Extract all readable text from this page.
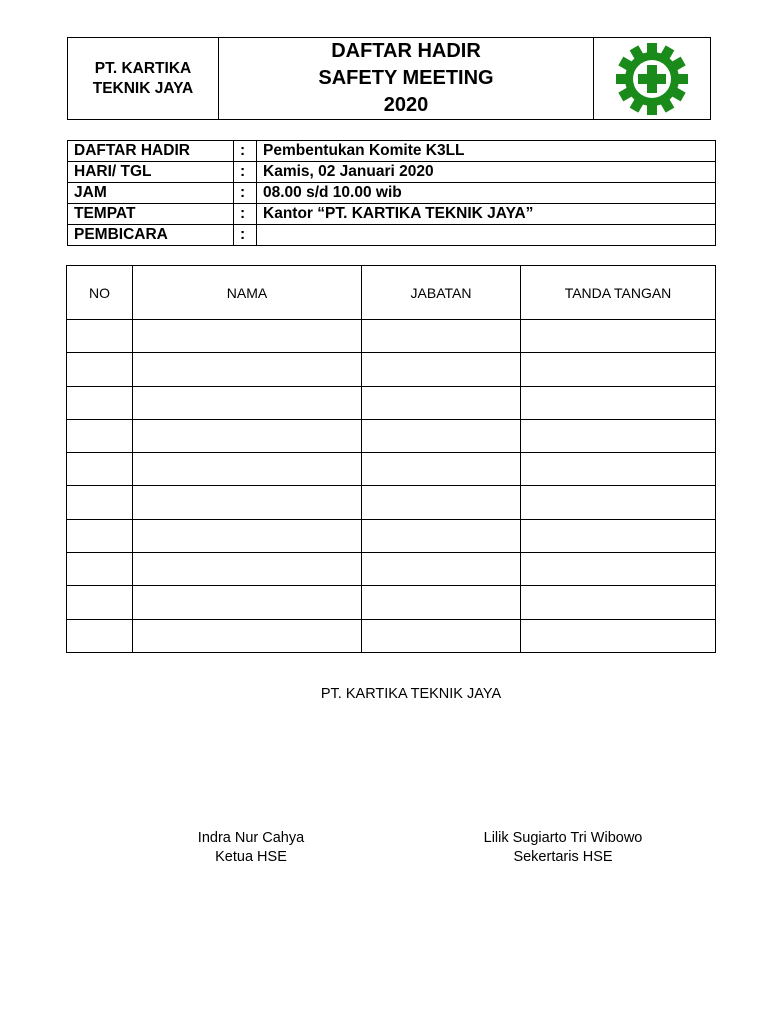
PT. KARTIKA
TEKNIK JAYA

DAFTAR HADIR
SAFETY MEETING
2020

DAFTAR HADIR	:	Pembentukan Komite K3LL
HARI/ TGL	:	Kamis, 02 Januari 2020
JAM	:	08.00 s/d 10.00 wib
TEMPAT	:	Kantor “PT. KARTIKA TEKNIK JAYA”
PEMBICARA	:	
NO	NAMA	JABATAN	TANDA TANGAN

PT. KARTIKA TEKNIK JAYA
Indra Nur Cahya
Ketua HSE
Lilik Sugiarto Tri Wibowo
Sekertaris HSE
